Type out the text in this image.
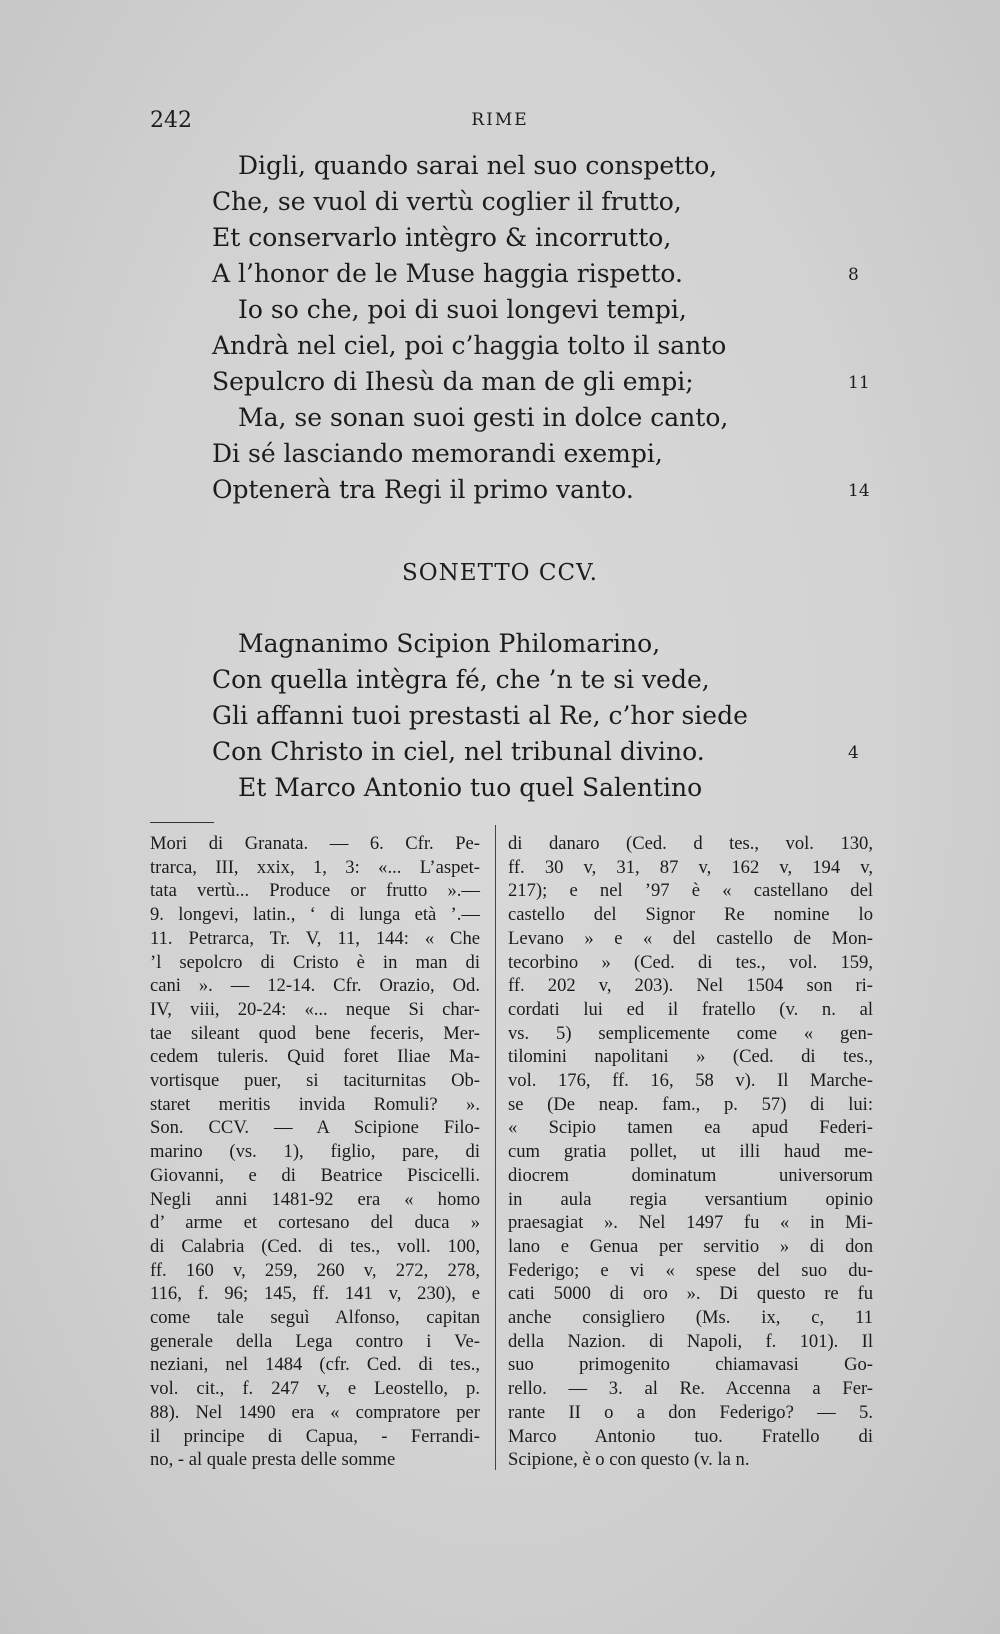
242	RIME
Digli, quando sarai nel suo conspetto,
Che, se vuol di vertù coglier il frutto,
Et conservarlo intègro & incorrutto,
A l’honor de le Muse haggia rispetto.	8
Io so che, poi di suoi longevi tempi,
Andrà nel ciel, poi c’haggia tolto il santo
Sepulcro di Ihesù da man de gli empi;	11
Ma, se sonan suoi gesti in dolce canto,
Di sé lasciando memorandi exempi,
Optenerà tra Regi il primo vanto.	14
SONETTO CCV.
Magnanimo Scipion Philomarino,
Con quella intègra fé, che ’n te si vede,
Gli affanni tuoi prestasti al Re, c’hor siede
Con Christo in ciel, nel tribunal divino.	4
Et Marco Antonio tuo quel Salentino

Mori di Granata. — 6. Cfr. Pe-

trarca, III, xxix, 1, 3: «... L’aspet-

tata vertù... Produce or frutto ».—

9. longevi, latin., ‘ di lunga età ’.—

11. Petrarca, Tr. V, 11, 144: « Che

’l sepolcro di Cristo è in man di

cani ». — 12-14. Cfr. Orazio, Od.

IV, viii, 20-24: «... neque Si char-

tae sileant quod bene feceris, Mer-

cedem tuleris. Quid foret Iliae Ma-

vortisque puer, si taciturnitas Ob-

staret meritis invida Romuli? ».

Son. CCV. — A Scipione Filo-

marino (vs. 1), figlio, pare, di

Giovanni, e di Beatrice Piscicelli.

Negli anni 1481-92 era « homo

d’ arme et cortesano del duca »

di Calabria (Ced. di tes., voll. 100,

ff. 160 v, 259, 260 v, 272, 278,

116, f. 96; 145, ff. 141 v, 230), e

come tale seguì Alfonso, capitan

generale della Lega contro i Ve-

neziani, nel 1484 (cfr. Ced. di tes.,

vol. cit., f. 247 v, e Leostello, p.

88). Nel 1490 era « compratore per

il principe di Capua, - Ferrandi-

no, - al quale presta delle somme

di danaro (Ced. d tes., vol. 130,

ff. 30 v, 31, 87 v, 162 v, 194 v,

217); e nel ’97 è « castellano del

castello del Signor Re nomine lo

Levano » e « del castello de Mon-

tecorbino » (Ced. di tes., vol. 159,

ff. 202 v, 203). Nel 1504 son ri-

cordati lui ed il fratello (v. n. al

vs. 5) semplicemente come « gen-

tilomini napolitani » (Ced. di tes.,

vol. 176, ff. 16, 58 v). Il Marche-

se (De neap. fam., p. 57) di lui:

« Scipio tamen ea apud Federi-

cum gratia pollet, ut illi haud me-

diocrem dominatum universorum

in aula regia versantium opinio

praesagiat ». Nel 1497 fu « in Mi-

lano e Genua per servitio » di don

Federigo; e vi « spese del suo du-

cati 5000 di oro ». Di questo re fu

anche consigliero (Ms. ix, c, 11

della Nazion. di Napoli, f. 101). Il

suo primogenito chiamavasi Go-

rello. — 3. al Re. Accenna a Fer-

rante II o a don Federigo? — 5.

Marco Antonio tuo. Fratello di

Scipione, è o con questo (v. la n.
